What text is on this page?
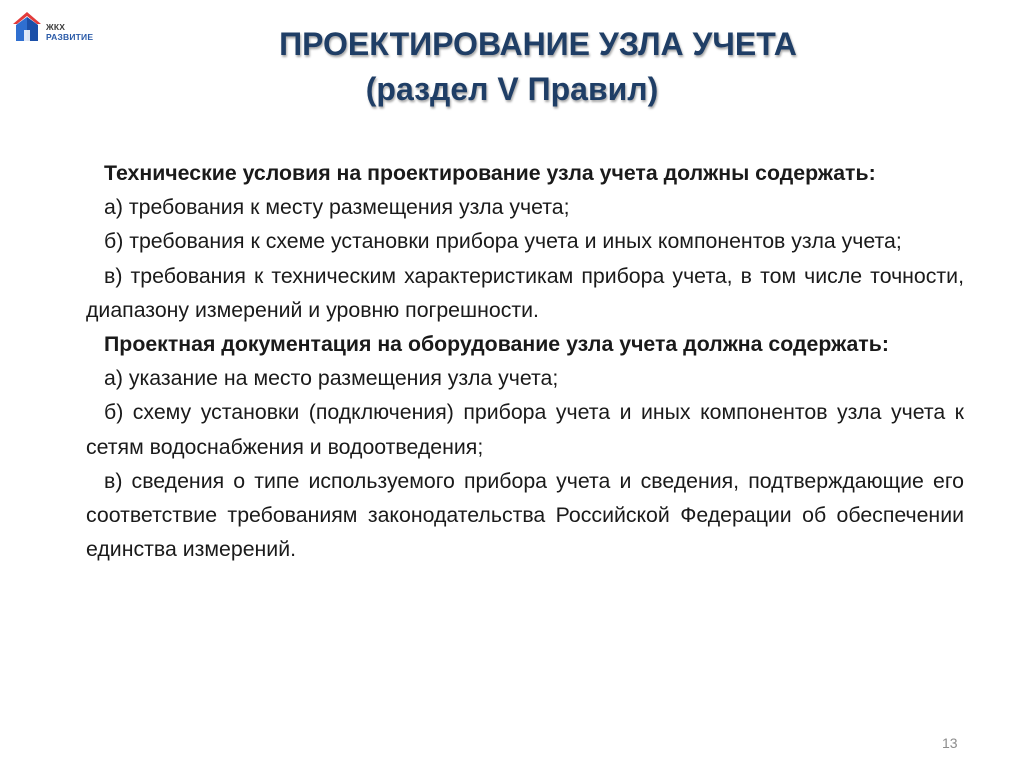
ЖКХ
РАЗВИТИЕ	ПРОЕКТИРОВАНИЕ УЗЛА УЧЕТА
(раздел V Правил)

Технические условия на проектирование узла учета должны содержать:

а) требования к месту размещения узла учета;

б) требования к схеме установки прибора учета и иных компонентов узла учета;

в) требования к техническим характеристикам прибора учета, в том числе точности, диапазону измерений и уровню погрешности.

Проектная документация на оборудование узла учета должна содержать:

а) указание на место размещения узла учета;

б) схему установки (подключения) прибора учета и иных компонентов узла учета к сетям водоснабжения и водоотведения;

в) сведения о типе используемого прибора учета и сведения, подтверждающие его соответствие требованиям законодательства Российской Федерации об обеспечении единства измерений.

13
